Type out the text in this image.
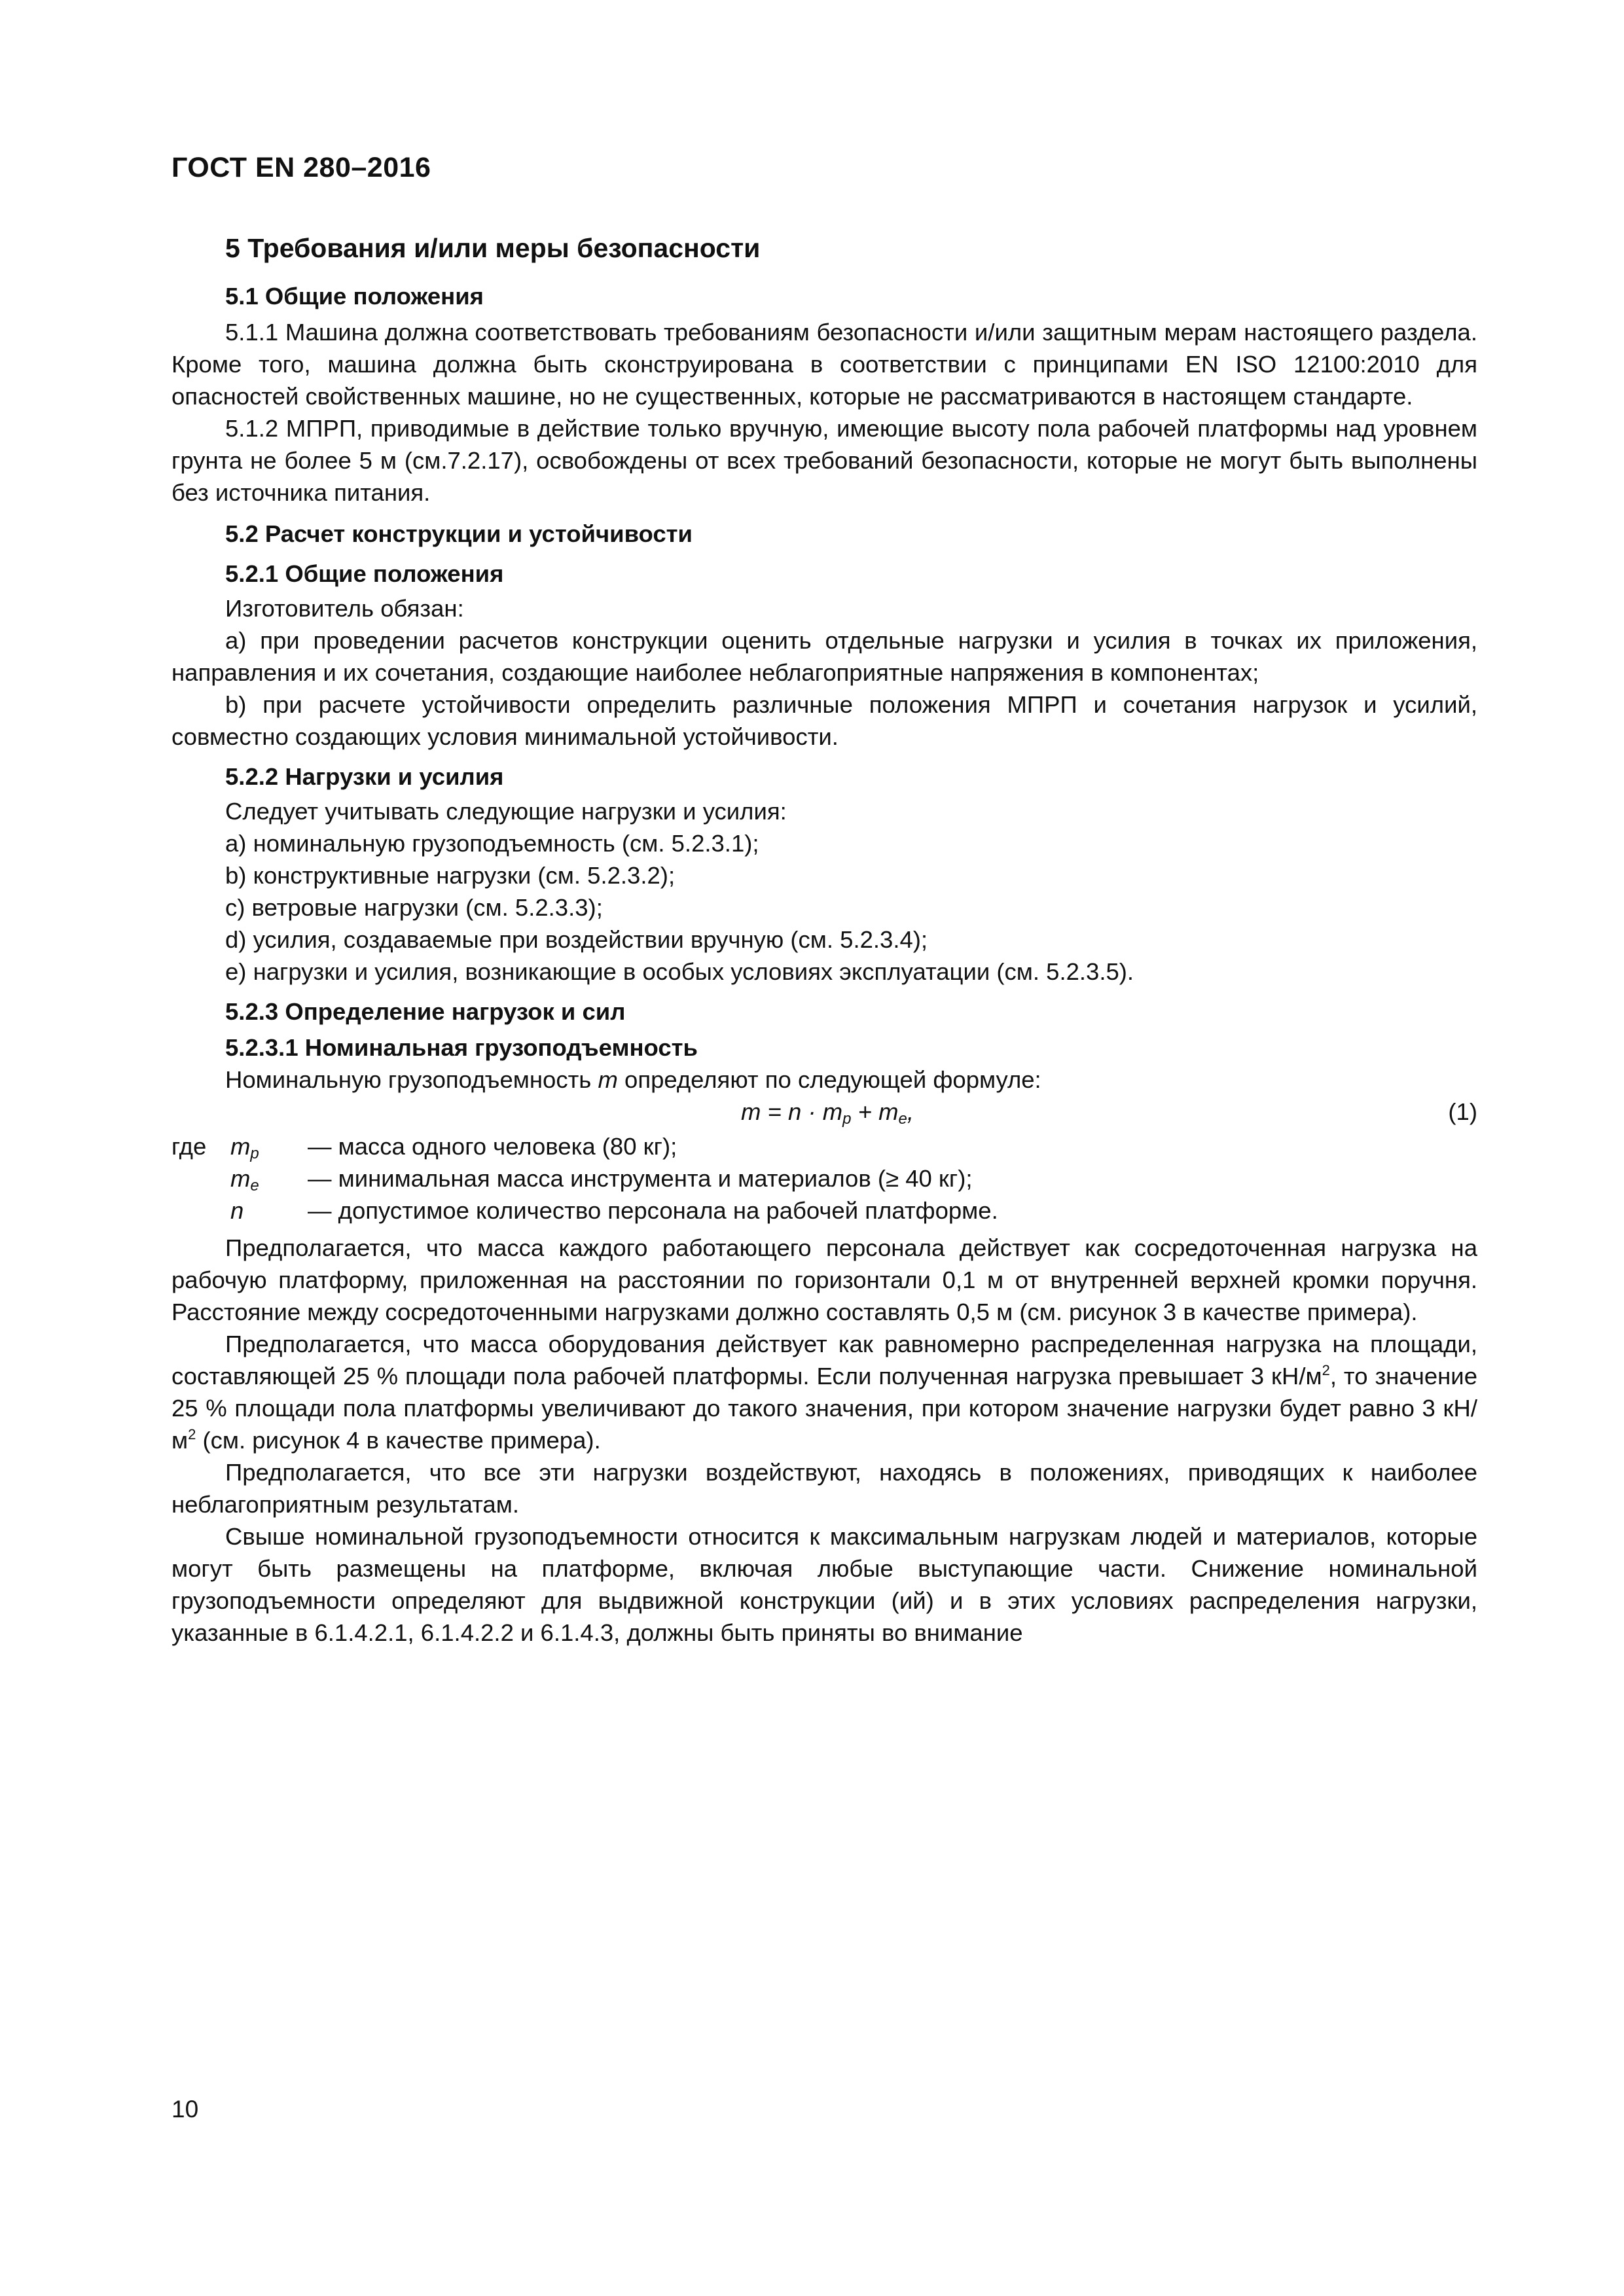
ГОСТ EN 280–2016
5 Требования и/или меры безопасности
5.1 Общие положения

5.1.1 Машина должна соответствовать требованиям безопасности и/или защитным мерам настоящего раздела. Кроме того, машина должна быть сконструирована в соответствии с принципами EN ISO 12100:2010 для опасностей свойственных машине, но не существенных, которые не рассматриваются в настоящем стандарте.

5.1.2 МПРП, приводимые в действие только вручную, имеющие высоту пола рабочей платформы над уровнем грунта не более 5 м (см.7.2.17), освобождены от всех требований безопасности, которые не могут быть выполнены без источника питания.

5.2 Расчет конструкции и устойчивости
5.2.1 Общие положения

Изготовитель обязан:

a) при проведении расчетов конструкции оценить отдельные нагрузки и усилия в точках их приложения, направления и их сочетания, создающие наиболее неблагоприятные напряжения в компонентах;

b) при расчете устойчивости определить различные положения МПРП и сочетания нагрузок и усилий, совместно создающих условия минимальной устойчивости.

5.2.2 Нагрузки и усилия
Следует учитывать следующие нагрузки и усилия:
a) номинальную грузоподъемность (см. 5.2.3.1);
b) конструктивные нагрузки (см. 5.2.3.2);
c) ветровые нагрузки (см. 5.2.3.3);
d) усилия, создаваемые при воздействии вручную (см. 5.2.3.4);
e) нагрузки и усилия, возникающие в особых условиях эксплуатации (см. 5.2.3.5).
5.2.3 Определение нагрузок и сил
5.2.3.1 Номинальная грузоподъемность
Номинальную грузоподъемность m определяют по следующей формуле:
$m = n \cdot m_p + m_e$,	(1)
где $m_p$ — масса одного человека (80 кг);
$m_e$ — минимальная масса инструмента и материалов (≥ 40 кг);
n	— допустимое количество персонала на рабочей платформе.

Предполагается, что масса каждого работающего персонала действует как сосредоточенная нагрузка на рабочую платформу, приложенная на расстоянии по горизонтали 0,1 м от внутренней верхней кромки поручня. Расстояние между сосредоточенными нагрузками должно составлять 0,5 м (см. рисунок 3 в качестве примера).

Предполагается, что масса оборудования действует как равномерно распределенная нагрузка на площади, составляющей 25 % площади пола рабочей платформы. Если полученная нагрузка превышает 3 $кН/м^2$, то значение 25 % площади пола платформы увеличивают до такого значения, при котором значение нагрузки будет равно 3 $кН/м^2$ (см. рисунок 4 в качестве примера).

Предполагается, что все эти нагрузки воздействуют, находясь в положениях, приводящих к наиболее неблагоприятным результатам.

Свыше номинальной грузоподъемности относится к максимальным нагрузкам людей и материалов, которые могут быть размещены на платформе, включая любые выступающие части. Снижение номинальной грузоподъемности определяют для выдвижной конструкции (ий) и в этих условиях распределения нагрузки, указанные в 6.1.4.2.1, 6.1.4.2.2 и 6.1.4.3, должны быть приняты во внимание

10
